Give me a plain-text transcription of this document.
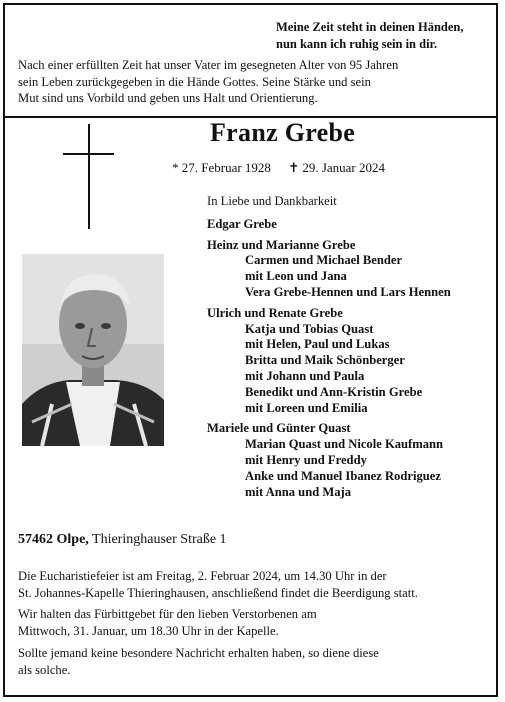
Meine Zeit steht in deinen Händen,
nun kann ich ruhig sein in dir.
Nach einer erfüllten Zeit hat unser Vater im gesegneten Alter von 95 Jahren
sein Leben zurückgegeben in die Hände Gottes. Seine Stärke und sein
Mut sind uns Vorbild und geben uns Halt und Orientierung.
Franz Grebe
* 27. Februar 1928 ✝ 29. Januar 2024
In Liebe und Dankbarkeit
Edgar Grebe
Heinz und Marianne Grebe
Carmen und Michael Bender
mit Leon und Jana
Vera Grebe-Hennen und Lars Hennen
Ulrich und Renate Grebe
Katja und Tobias Quast
mit Helen, Paul und Lukas
Britta und Maik Schönberger
mit Johann und Paula
Benedikt und Ann-Kristin Grebe
mit Loreen und Emilia
Mariele und Günter Quast
Marian Quast und Nicole Kaufmann
mit Henry und Freddy
Anke und Manuel Ibanez Rodriguez
mit Anna und Maja
57462 Olpe, Thieringhauser Straße 1
Die Eucharistiefeier ist am Freitag, 2. Februar 2024, um 14.30 Uhr in der
St. Johannes-Kapelle Thieringhausen, anschließend findet die Beerdigung statt.
Wir halten das Fürbittgebet für den lieben Verstorbenen am
Mittwoch, 31. Januar, um 18.30 Uhr in der Kapelle.
Sollte jemand keine besondere Nachricht erhalten haben, so diene diese
als solche.
